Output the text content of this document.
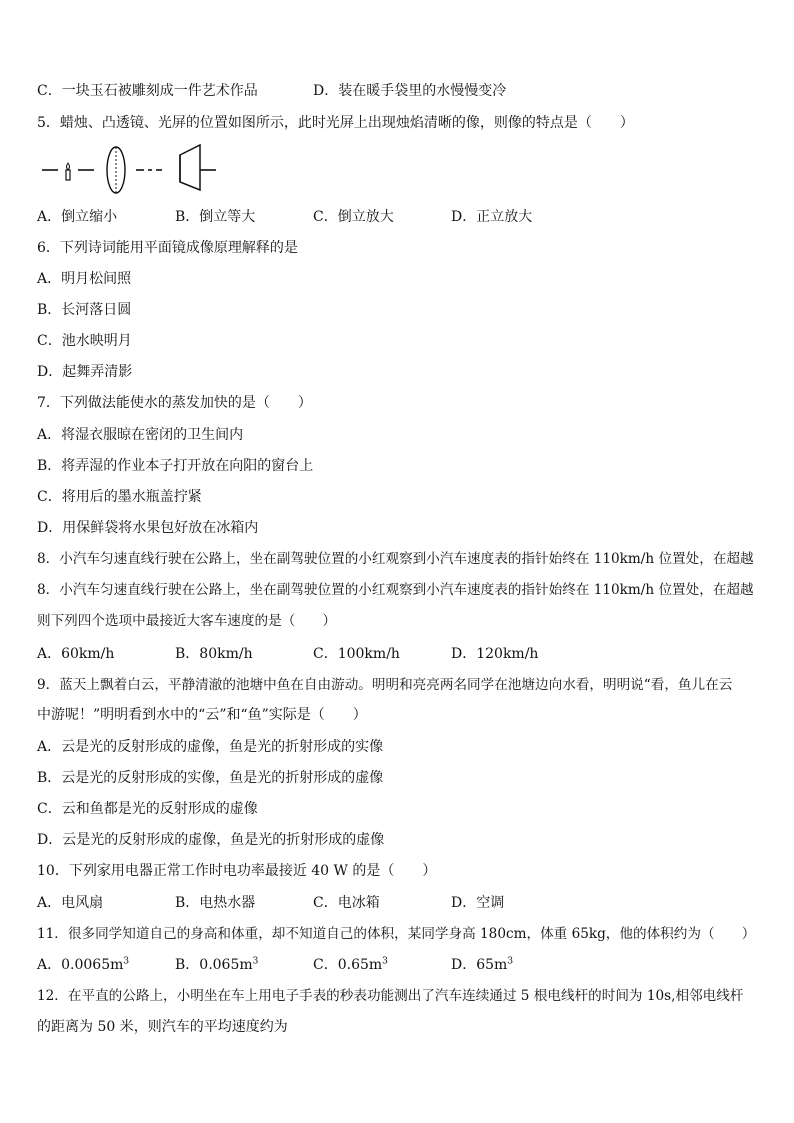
C．一块玉石被雕刻成一件艺术作品	D．装在暖手袋里的水慢慢变冷
5．蜡烛、凸透镜、光屏的位置如图所示，此时光屏上出现烛焰清晰的像，则像的特点是（　　）
A．倒立缩小	B．倒立等大	C．倒立放大	D．正立放大
6．下列诗词能用平面镜成像原理解释的是
A．明月松间照
B．长河落日圆
C．池水映明月
D．起舞弄清影
7．下列做法能使水的蒸发加快的是（　　）
A．将湿衣服晾在密闭的卫生间内
B．将弄湿的作业本子打开放在向阳的窗台上
C．将用后的墨水瓶盖拧紧
D．用保鲜袋将水果包好放在冰箱内
8．小汽车匀速直线行驶在公路上，坐在副驾驶位置的小红观察到小汽车速度表的指针始终在 110km/h 位置处，在超越
8．小汽车匀速直线行驶在公路上，坐在副驾驶位置的小红观察到小汽车速度表的指针始终在 110km/h 位置处，在超越
则下列四个选项中最接近大客车速度的是（　　）
A．60km/h	B．80km/h	C．100km/h	D．120km/h
9．蓝天上飘着白云，平静清澈的池塘中鱼在自由游动。明明和亮亮两名同学在池塘边向水看，明明说“看，鱼儿在云
中游呢！”明明看到水中的“云”和“鱼”实际是（　　）
A．云是光的反射形成的虚像，鱼是光的折射形成的实像
B．云是光的反射形成的实像，鱼是光的折射形成的虚像
C．云和鱼都是光的反射形成的虚像
D．云是光的反射形成的虚像，鱼是光的折射形成的虚像
10．下列家用电器正常工作时电功率最接近 40 W 的是（　　）
A．电风扇	B．电热水器	C．电冰箱	D．空调
11．很多同学知道自己的身高和体重，却不知道自己的体积，某同学身高 180cm，体重 65kg，他的体积约为（　　）
A．$0.0065m^3$	B．$0.065m^3$	C．$0.65m^3$	D．$65m^3$
12．在平直的公路上，小明坐在车上用电子手表的秒表功能测出了汽车连续通过 5 根电线杆的时间为 10s,相邻电线杆
的距离为 50 米，则汽车的平均速度约为
